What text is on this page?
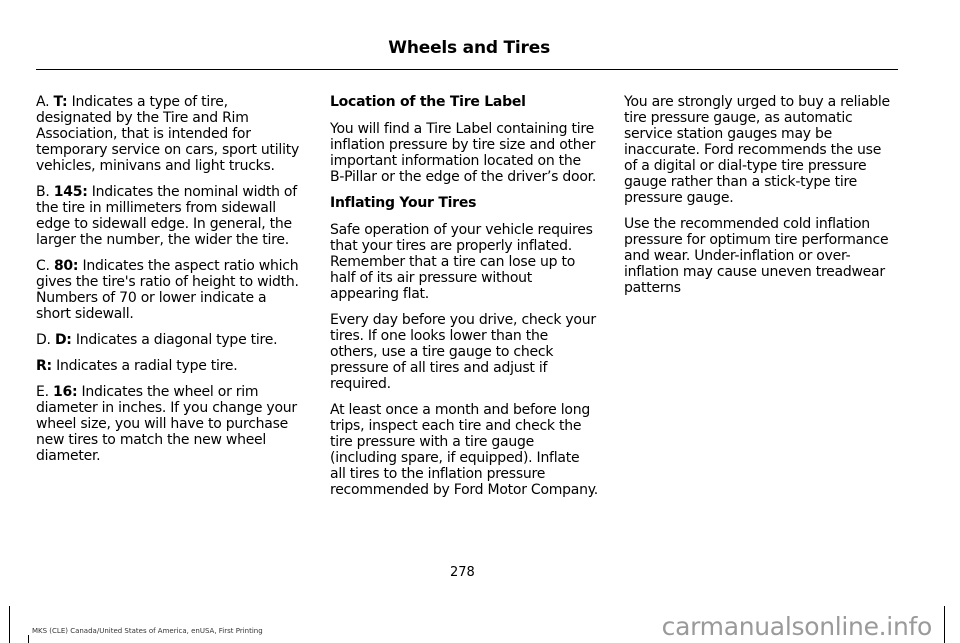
Wheels and Tires

A. T: Indicates a type of tire, designated by the Tire and Rim Association, that is intended for temporary service on cars, sport utility vehicles, minivans and light trucks.

B. 145: Indicates the nominal width of the tire in millimeters from sidewall edge to sidewall edge. In general, the larger the number, the wider the tire.

C. 80: Indicates the aspect ratio which gives the tire's ratio of height to width. Numbers of 70 or lower indicate a short sidewall.

D. D: Indicates a diagonal type tire.

R: Indicates a radial type tire.

E. 16: Indicates the wheel or rim diameter in inches. If you change your wheel size, you will have to purchase new tires to match the new wheel diameter.

Location of the Tire Label

You will find a Tire Label containing tire inflation pressure by tire size and other important information located on the B-Pillar or the edge of the driver’s door.

Inflating Your Tires

Safe operation of your vehicle requires that your tires are properly inflated. Remember that a tire can lose up to half of its air pressure without appearing flat.

Every day before you drive, check your tires. If one looks lower than the others, use a tire gauge to check pressure of all tires and adjust if required.

At least once a month and before long trips, inspect each tire and check the tire pressure with a tire gauge (including spare, if equipped). Inflate all tires to the inflation pressure recommended by Ford Motor Company.

You are strongly urged to buy a reliable tire pressure gauge, as automatic service station gauges may be inaccurate. Ford recommends the use of a digital or dial-type tire pressure gauge rather than a stick-type tire pressure gauge.

Use the recommended cold inflation pressure for optimum tire performance and wear. Under-inflation or over-inflation may cause uneven treadwear patterns

278
MKS (CLE) Canada/United States of America, enUSA, First Printing	carmanualsonline.info
